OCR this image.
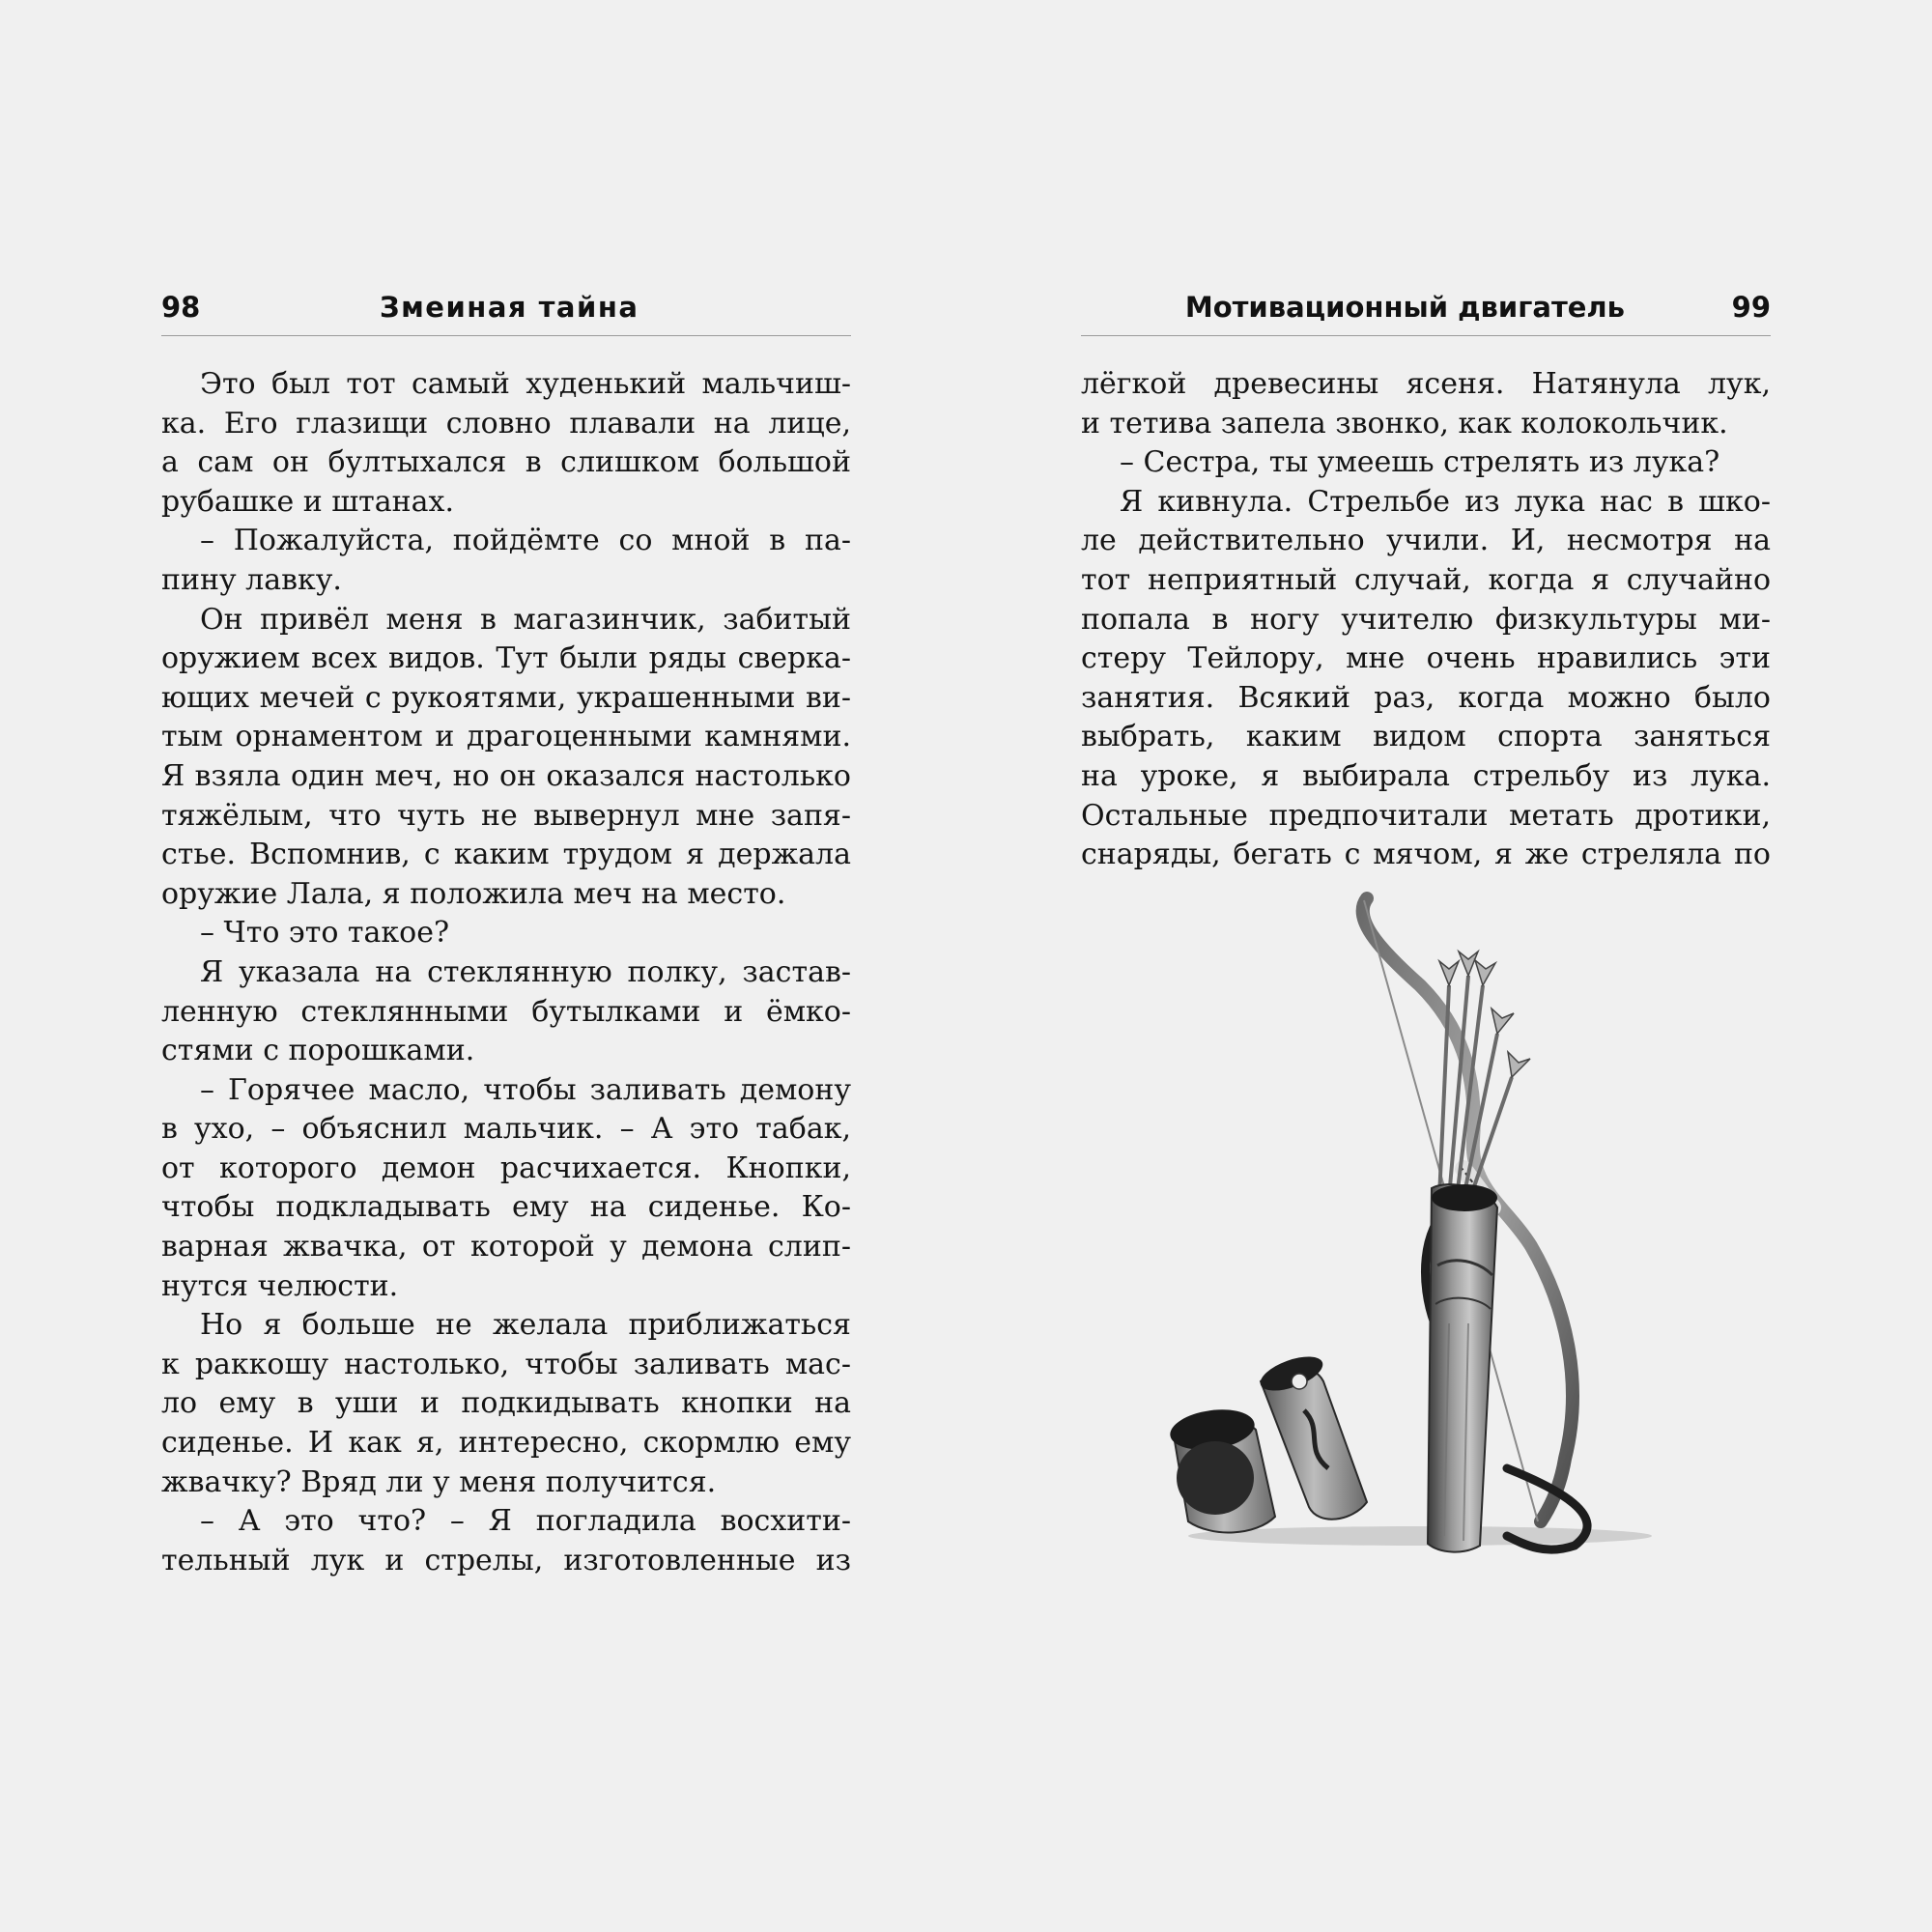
98	Змеиная тайна
Это был тот самый худенький мальчиш-
ка. Его глазищи словно плавали на лице,
а сам он бултыхался в слишком большой
рубашке и штанах.
– Пожалуйста, пойдёмте со мной в па-
пину лавку.
Он привёл меня в магазинчик, забитый
оружием всех видов. Тут были ряды сверка-
ющих мечей с рукоятями, украшенными ви-
тым орнаментом и драгоценными камнями.
Я взяла один меч, но он оказался настолько
тяжёлым, что чуть не вывернул мне запя-
стье. Вспомнив, с каким трудом я держала
оружие Лала, я положила меч на место.
– Что это такое?
Я указала на стеклянную полку, застав-
ленную стеклянными бутылками и ёмко-
стями с порошками.
– Горячее масло, чтобы заливать демону
в ухо, – объяснил мальчик. – А это табак,
от которого демон расчихается. Кнопки,
чтобы подкладывать ему на сиденье. Ко-
варная жвачка, от которой у демона слип-
нутся челюсти.
Но я больше не желала приближаться
к раккошу настолько, чтобы заливать мас-
ло ему в уши и подкидывать кнопки на
сиденье. И как я, интересно, скормлю ему
жвачку? Вряд ли у меня получится.
– А это что? – Я погладила восхити-
тельный лук и стрелы, изготовленные из
Мотивационный двигатель	99
лёгкой древесины ясеня. Натянула лук,
и тетива запела звонко, как колокольчик.
– Сестра, ты умеешь стрелять из лука?
Я кивнула. Стрельбе из лука нас в шко-
ле действительно учили. И, несмотря на
тот неприятный случай, когда я случайно
попала в ногу учителю физкультуры ми-
стеру Тейлору, мне очень нравились эти
занятия. Всякий раз, когда можно было
выбрать, каким видом спорта заняться
на уроке, я выбирала стрельбу из лука.
Остальные предпочитали метать дротики,
снаряды, бегать с мячом, я же стреляла по
